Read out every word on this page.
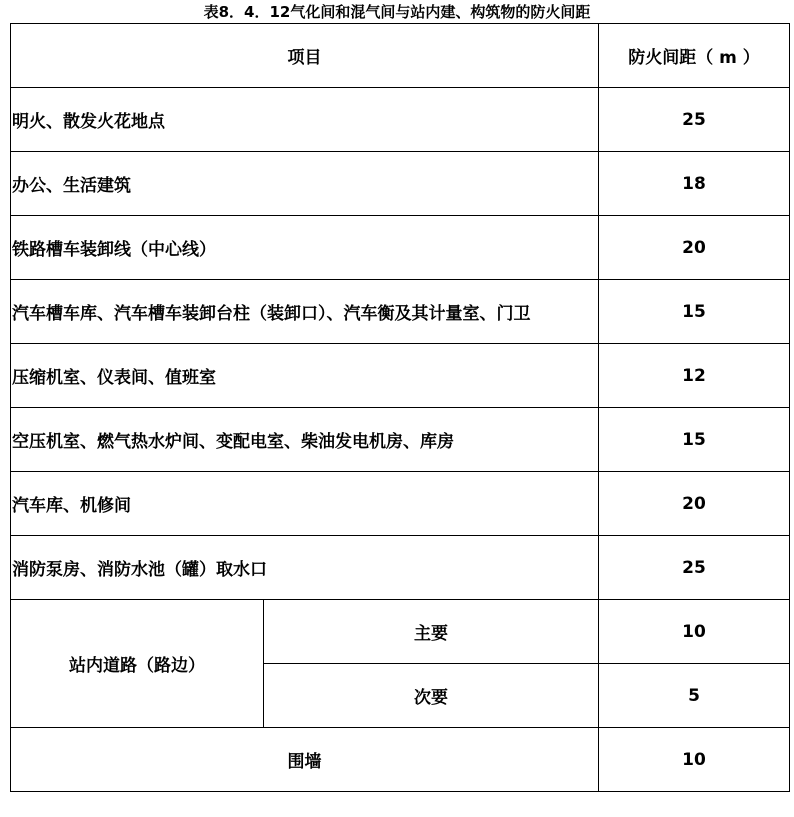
表8．4．12气化间和混气间与站内建、构筑物的防火间距
项目		防火间距（ m ）
明火、散发火花地点		25
办公、生活建筑		18
铁路槽车装卸线（中心线）		20
汽车槽车库、汽车槽车装卸台柱（装卸口）、汽车衡及其计量室、门卫		15
压缩机室、仪表间、值班室		12
空压机室、燃气热水炉间、变配电室、柴油发电机房、库房		15
汽车库、机修间		20
消防泵房、消防水池（罐）取水口		25
站内道路（路边）	主要	10
	次要	5
围墙		10
